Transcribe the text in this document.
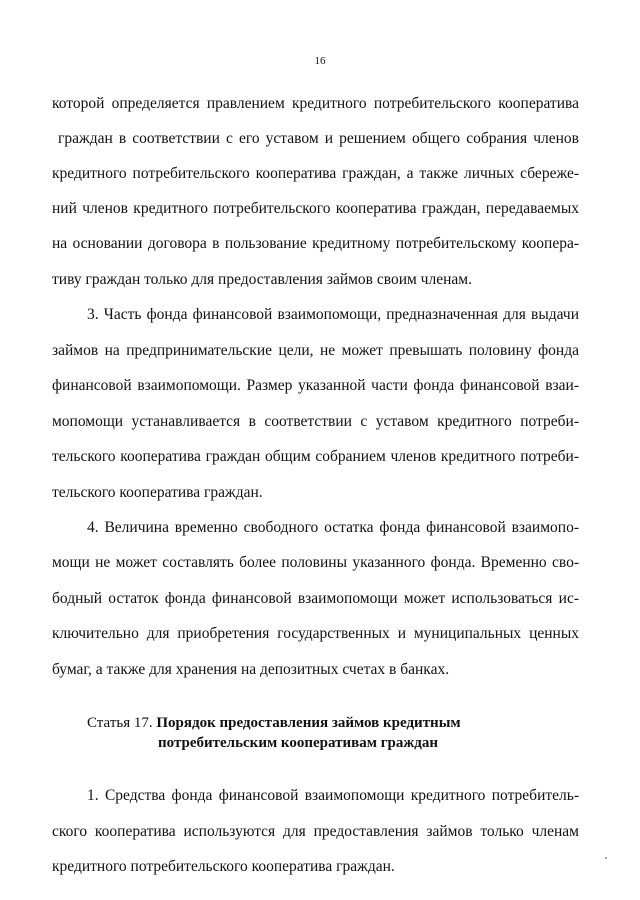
16
которой определяется правлением кредитного потребительского кооператива
граждан в соответствии с его уставом и решением общего собрания членов
кредитного потребительского кооператива граждан, а также личных сбереже-
ний членов кредитного потребительского кооператива граждан, передаваемых
на основании договора в пользование кредитному потребительскому коопера-
тиву граждан только для предоставления займов своим членам.
3. Часть фонда финансовой взаимопомощи, предназначенная для выдачи
займов на предпринимательские цели, не может превышать половину фонда
финансовой взаимопомощи. Размер указанной части фонда финансовой взаи-
мопомощи устанавливается в соответствии с уставом кредитного потреби-
тельского кооператива граждан общим собранием членов кредитного потреби-
тельского кооператива граждан.
4. Величина временно свободного остатка фонда финансовой взаимопо-
мощи не может составлять более половины указанного фонда. Временно сво-
бодный остаток фонда финансовой взаимопомощи может использоваться ис-
ключительно для приобретения государственных и муниципальных ценных
бумаг, а также для хранения на депозитных счетах в банках.
Статья 17. Порядок предоставления займов кредитным
потребительским кооперативам граждан
1. Средства фонда финансовой взаимопомощи кредитного потребитель-
ского кооператива используются для предоставления займов только членам
кредитного потребительского кооператива граждан.
